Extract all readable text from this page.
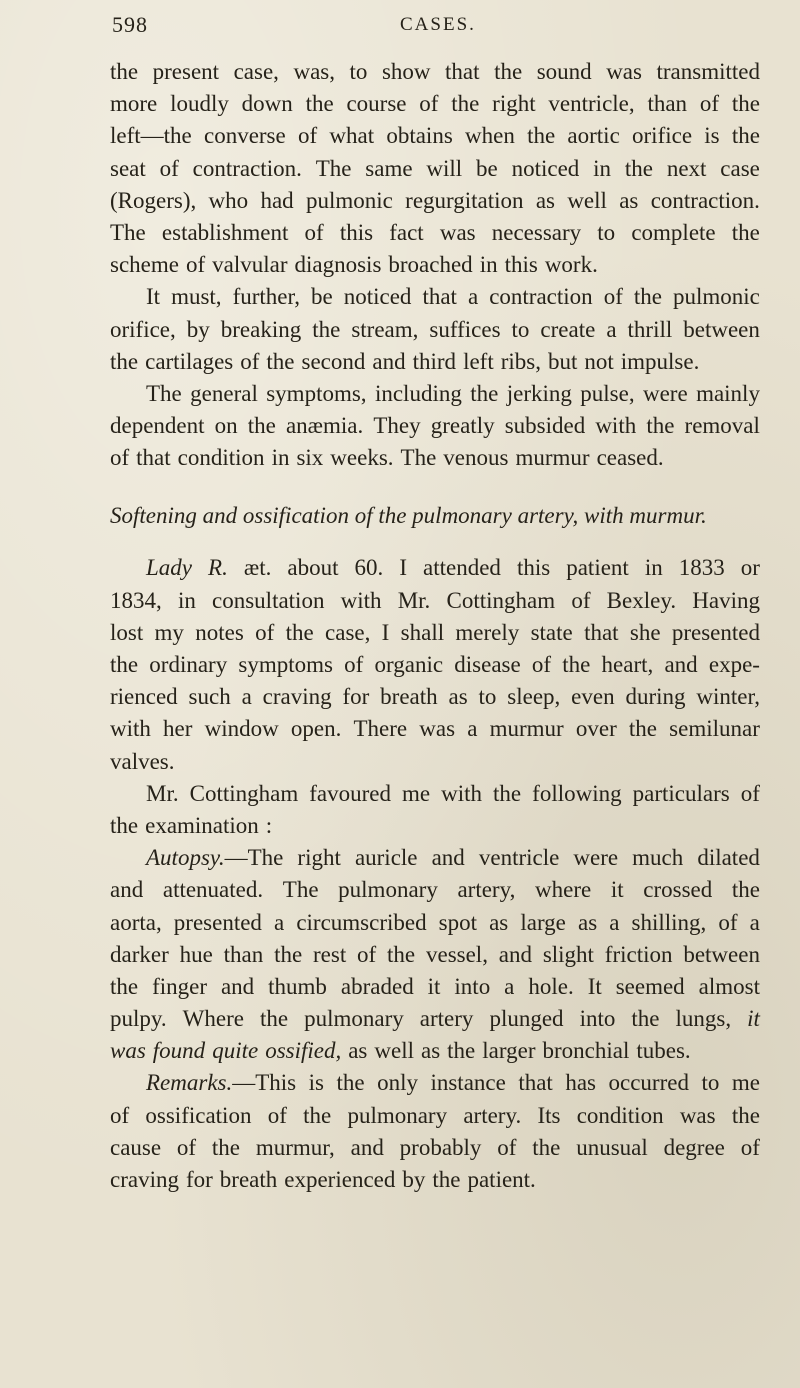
598	CASES.
the present case, was, to show that the sound was transmitted
more loudly down the course of the right ventricle, than of the
left—the converse of what obtains when the aortic orifice is the
seat of contraction. The same will be noticed in the next case
(Rogers), who had pulmonic regurgitation as well as contraction.
The establishment of this fact was necessary to complete the
scheme of valvular diagnosis broached in this work.
It must, further, be noticed that a contraction of the pulmonic
orifice, by breaking the stream, suffices to create a thrill between
the cartilages of the second and third left ribs, but not impulse.
The general symptoms, including the jerking pulse, were mainly
dependent on the anæmia. They greatly subsided with the removal
of that condition in six weeks. The venous murmur ceased.
Softening and ossification of the pulmonary artery, with murmur.
Lady R. æt. about 60. I attended this patient in 1833 or
1834, in consultation with Mr. Cottingham of Bexley. Having
lost my notes of the case, I shall merely state that she presented
the ordinary symptoms of organic disease of the heart, and expe-
rienced such a craving for breath as to sleep, even during winter,
with her window open. There was a murmur over the semilunar
valves.
Mr. Cottingham favoured me with the following particulars of
the examination :
Autopsy.—The right auricle and ventricle were much dilated
and attenuated. The pulmonary artery, where it crossed the
aorta, presented a circumscribed spot as large as a shilling, of a
darker hue than the rest of the vessel, and slight friction between
the finger and thumb abraded it into a hole. It seemed almost
pulpy. Where the pulmonary artery plunged into the lungs, it
was found quite ossified, as well as the larger bronchial tubes.
Remarks.—This is the only instance that has occurred to me
of ossification of the pulmonary artery. Its condition was the
cause of the murmur, and probably of the unusual degree of
craving for breath experienced by the patient.
